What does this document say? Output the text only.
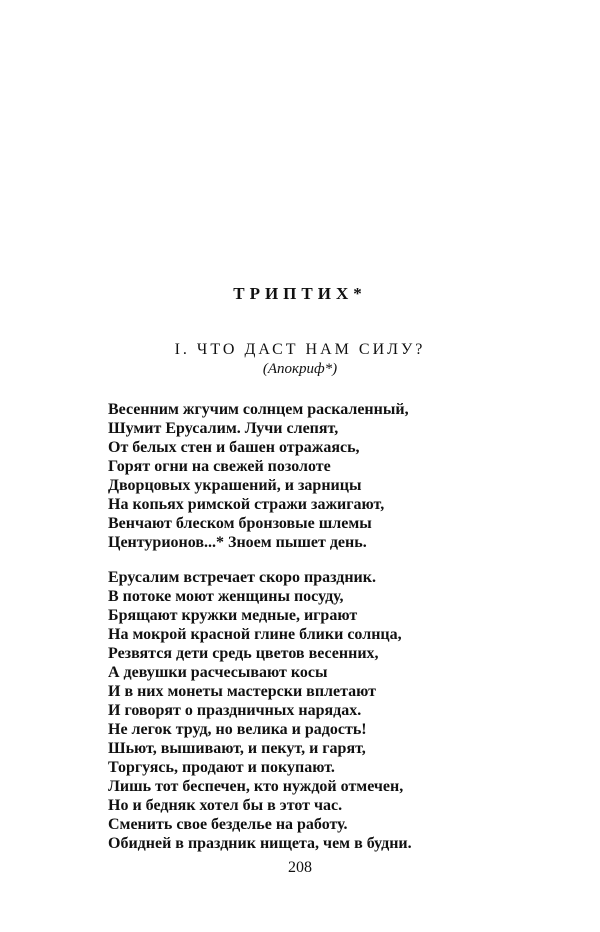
ТРИПТИХ*
I. ЧТО ДАСТ НАМ СИЛУ?
(Апокриф*)
Весенним жгучим солнцем раскаленный,
Шумит Ерусалим. Лучи слепят,
От белых стен и башен отражаясь,
Горят огни на свежей позолоте
Дворцовых украшений, и зарницы
На копьях римской стражи зажигают,
Венчают блеском бронзовые шлемы
Центурионов...* Зноем пышет день.
Ерусалим встречает скоро праздник.
В потоке моют женщины посуду,
Брящают кружки медные, играют
На мокрой красной глине блики солнца,
Резвятся дети средь цветов весенних,
А девушки расчесывают косы
И в них монеты мастерски вплетают
И говорят о праздничных нарядах.
Не легок труд, но велика и радость!
Шьют, вышивают, и пекут, и гарят,
Торгуясь, продают и покупают.
Лишь тот беспечен, кто нуждой отмечен,
Но и бедняк хотел бы в этот час.
Сменить свое безделье на работу.
Обидней в праздник нищета, чем в будни.
208
